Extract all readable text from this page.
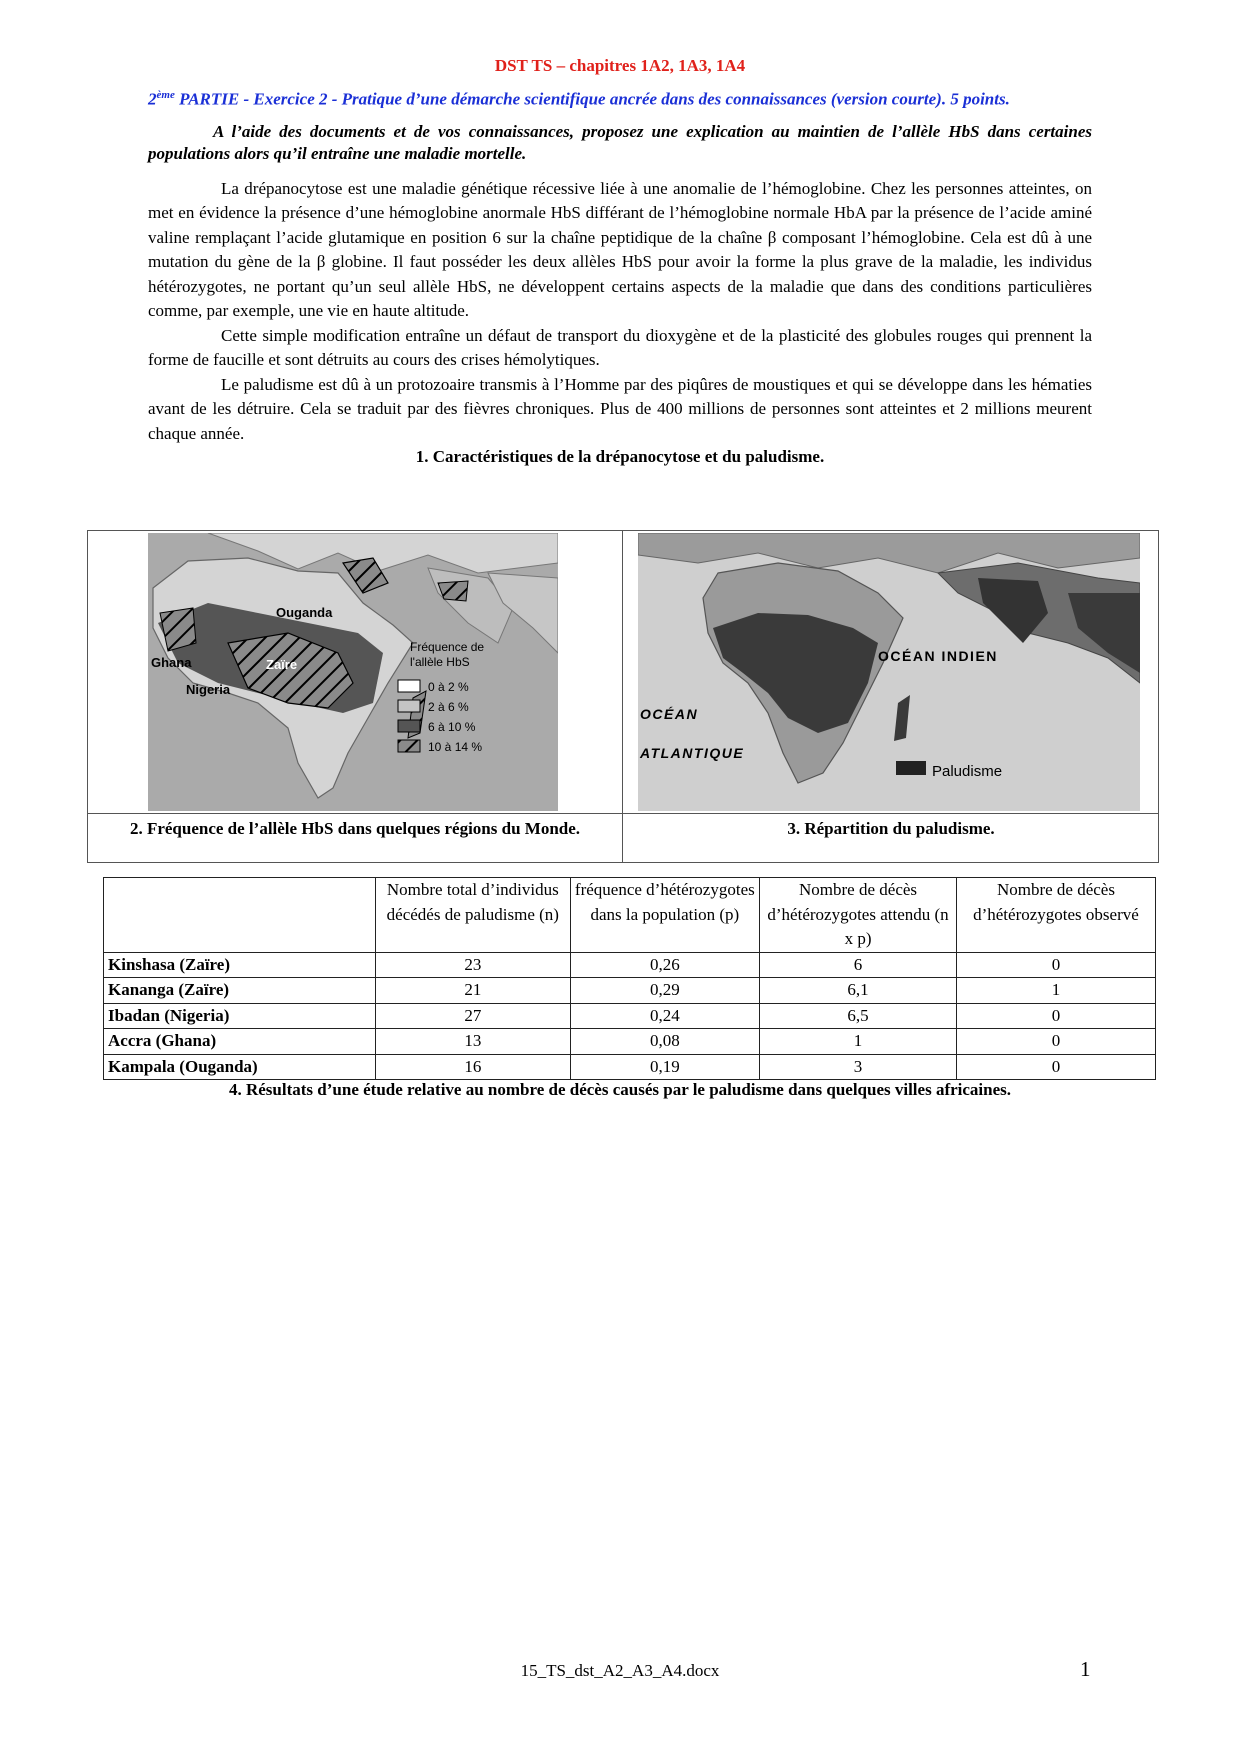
DST TS – chapitres 1A2, 1A3, 1A4

2ème PARTIE - Exercice 2 - Pratique d’une démarche scientifique ancrée dans des connaissances (version courte). 5 points.

A l’aide des documents et de vos connaissances, proposez une explication au maintien de l’allèle HbS dans certaines populations alors qu’il entraîne une maladie mortelle.

La drépanocytose est une maladie génétique récessive liée à une anomalie de l’hémoglobine. Chez les personnes atteintes, on met en évidence la présence d’une hémoglobine anormale HbS différant de l’hémoglobine normale HbA par la présence de l’acide aminé valine remplaçant l’acide glutamique en position 6 sur la chaîne peptidique de la chaîne β composant l’hémoglobine. Cela est dû à une mutation du gène de la β globine. Il faut posséder les deux allèles HbS pour avoir la forme la plus grave de la maladie, les individus hétérozygotes, ne portant qu’un seul allèle HbS, ne développent certains aspects de la maladie que dans des conditions particulières comme, par exemple, une vie en haute altitude.

Cette simple modification entraîne un défaut de transport du dioxygène et de la plasticité des globules rouges qui prennent la forme de faucille et sont détruits au cours des crises hémolytiques.

Le paludisme est dû à un protozoaire transmis à l’Homme par des piqûres de moustiques et qui se développe dans les hématies avant de les détruire. Cela se traduit par des fièvres chroniques. Plus de 400 millions de personnes sont atteintes et 2 millions meurent chaque année.

1. Caractéristiques de la drépanocytose et du paludisme.

Ouganda
Ghana	Zaïre
Nigeria
Fréquence de
l'allèle HbS
0 à 2 %
2 à 6 %
6 à 10 %
10 à 14 %
OCÉAN INDIEN
OCÉAN
ATLANTIQUE
Paludisme
2. Fréquence de l’allèle HbS dans quelques régions du Monde.	3. Répartition du paludisme.
	Nombre total d’individus décédés de paludisme (n)	fréquence d’hétérozygotes dans la population (p)	Nombre de décès d’hétérozygotes attendu (n x p)	Nombre de décès d’hétérozygotes observé
Kinshasa (Zaïre)	23	0,26	6	0
Kananga (Zaïre)	21	0,29	6,1	1
Ibadan (Nigeria)	27	0,24	6,5	0
Accra (Ghana)	13	0,08	1	0
Kampala (Ouganda)	16	0,19	3	0

4. Résultats d’une étude relative au nombre de décès causés par le paludisme dans quelques villes africaines.

15_TS_dst_A2_A3_A4.docx	1
